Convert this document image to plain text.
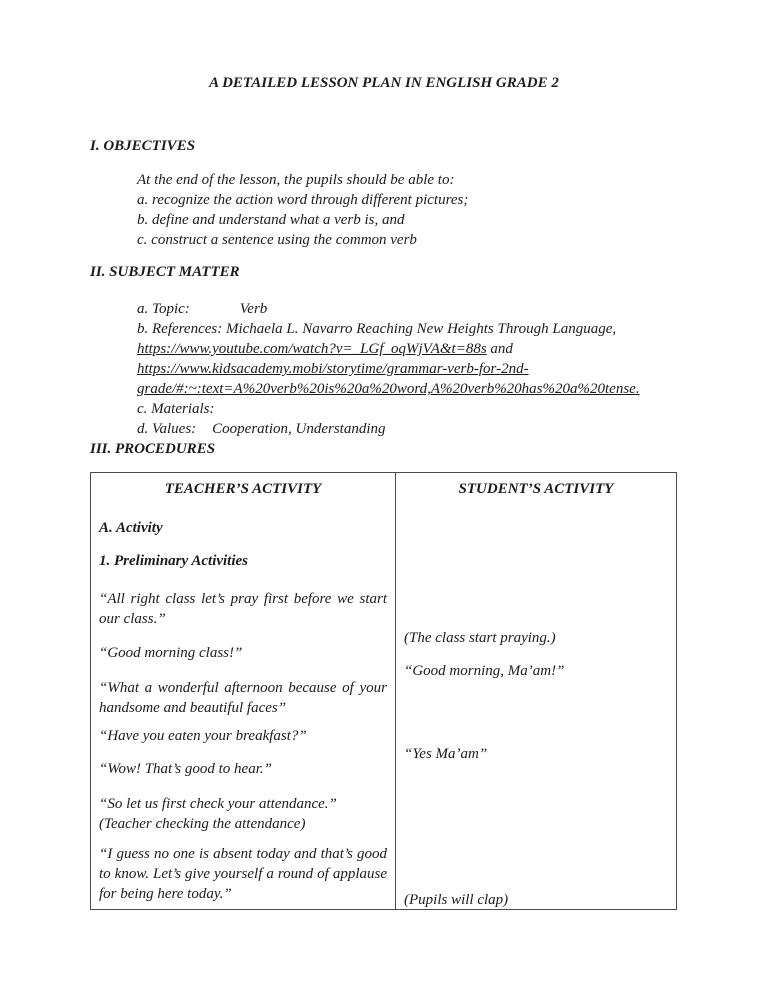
A DETAILED LESSON PLAN IN ENGLISH GRADE 2
I. OBJECTIVES
At the end of the lesson, the pupils should be able to:
a. recognize the action word through different pictures;
b. define and understand what a verb is, and
c. construct a sentence using the common verb
II. SUBJECT MATTER
a. Topic:	Verb
b. References: Michaela L. Navarro Reaching New Heights Through Language,
https://www.youtube.com/watch?v=_LGf_oqWjVA&t=88s and
https://www.kidsacademy.mobi/storytime/grammar-verb-for-2nd-
grade/#:~:text=A%20verb%20is%20a%20word,A%20verb%20has%20a%20tense.
c. Materials:
d. Values: Cooperation, Understanding
III. PROCEDURES
TEACHER’S ACTIVITY
A. Activity
1. Preliminary Activities
“All right class let’s pray first before we start our class.”
“Good morning class!”
“What a wonderful afternoon because of your handsome and beautiful faces”
“Have you eaten your breakfast?”
“Wow! That’s good to hear.”
“So let us first check your attendance.”
(Teacher checking the attendance)
“I guess no one is absent today and that’s good to know. Let’s give yourself a round of applause for being here today.”
STUDENT’S ACTIVITY
(The class start praying.)
“Good morning, Ma’am!”
“Yes Ma’am”
(Pupils will clap)
